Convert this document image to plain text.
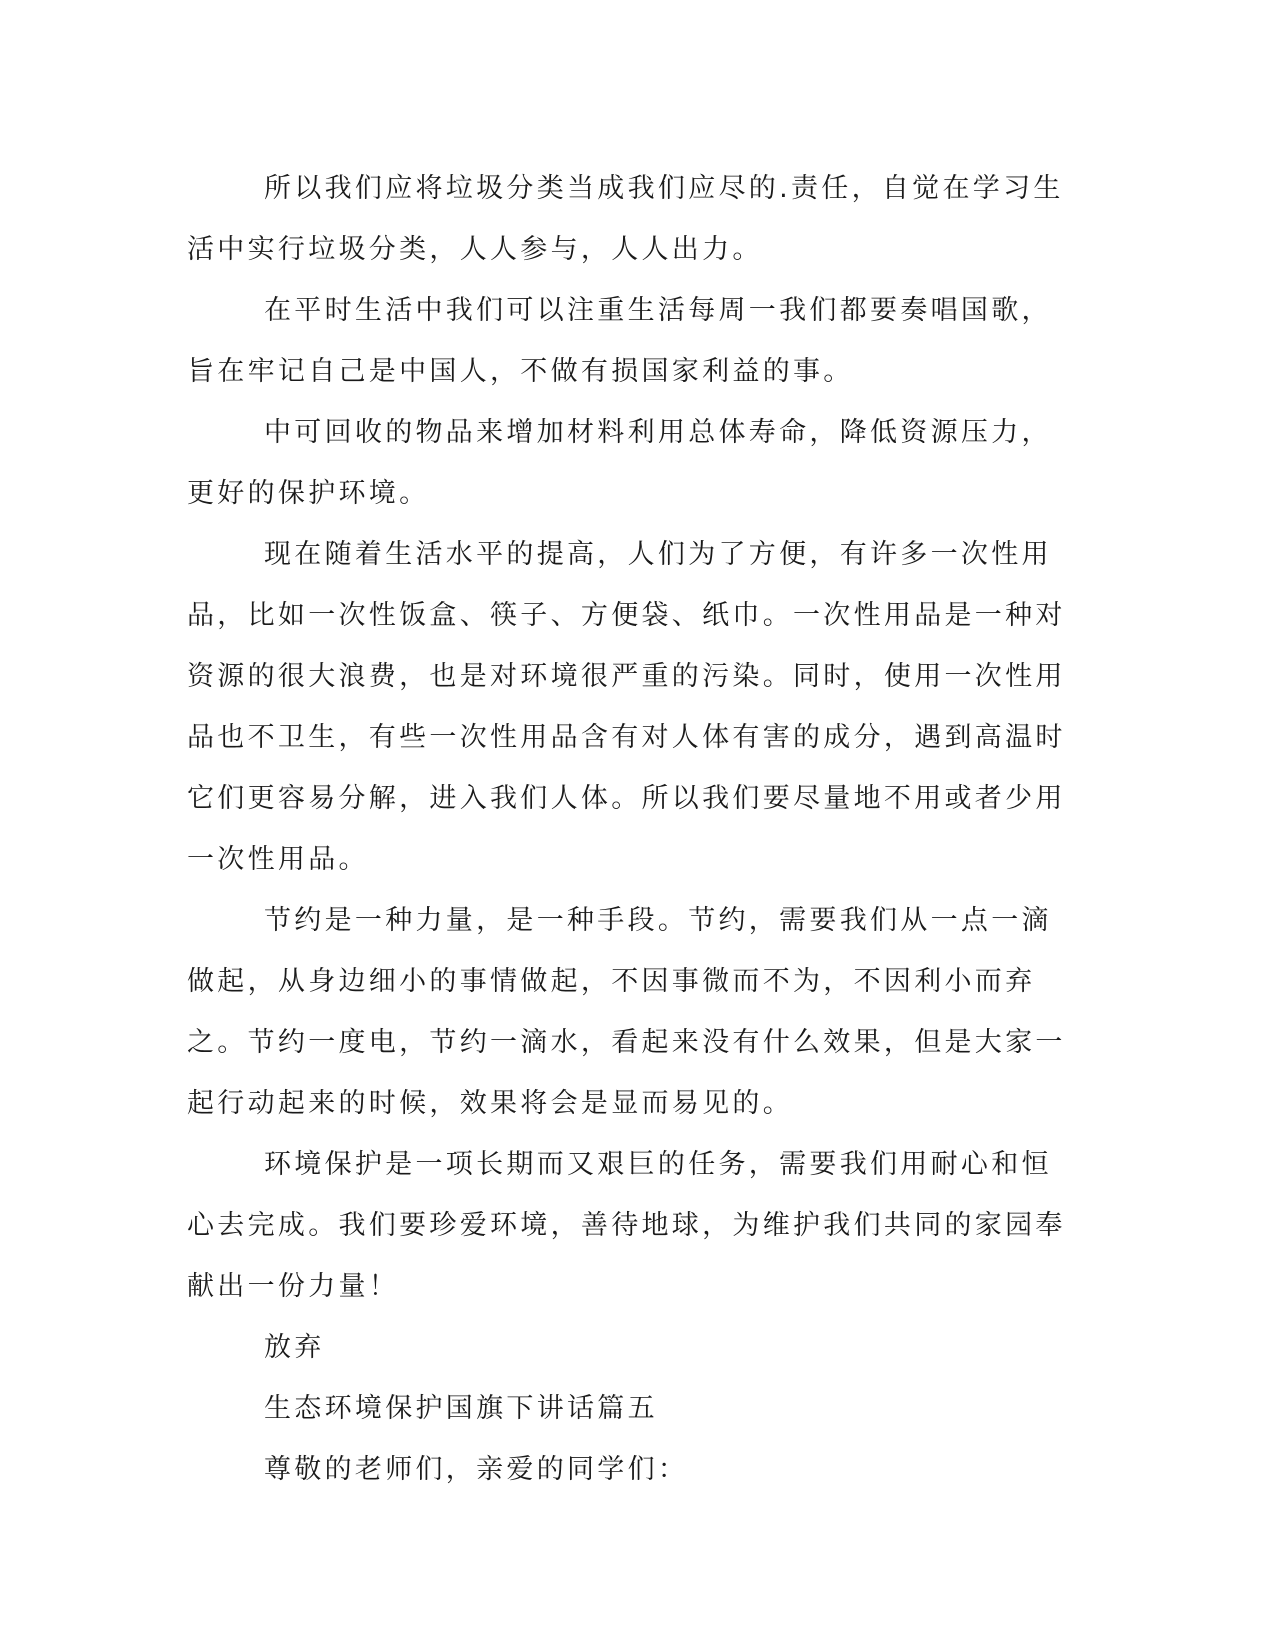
所以我们应将垃圾分类当成我们应尽的.责任，自觉在学习生活中实行垃圾分类，人人参与，人人出力。

在平时生活中我们可以注重生活每周一我们都要奏唱国歌，旨在牢记自己是中国人，不做有损国家利益的事。

中可回收的物品来增加材料利用总体寿命，降低资源压力，更好的保护环境。

现在随着生活水平的提高，人们为了方便，有许多一次性用品，比如一次性饭盒、筷子、方便袋、纸巾。一次性用品是一种对资源的很大浪费，也是对环境很严重的污染。同时，使用一次性用品也不卫生，有些一次性用品含有对人体有害的成分，遇到高温时它们更容易分解，进入我们人体。所以我们要尽量地不用或者少用一次性用品。

节约是一种力量，是一种手段。节约，需要我们从一点一滴做起，从身边细小的事情做起，不因事微而不为，不因利小而弃之。节约一度电，节约一滴水，看起来没有什么效果，但是大家一起行动起来的时候，效果将会是显而易见的。

环境保护是一项长期而又艰巨的任务，需要我们用耐心和恒心去完成。我们要珍爱环境，善待地球，为维护我们共同的家园奉献出一份力量！

放弃

生态环境保护国旗下讲话篇五

尊敬的老师们，亲爱的同学们：
